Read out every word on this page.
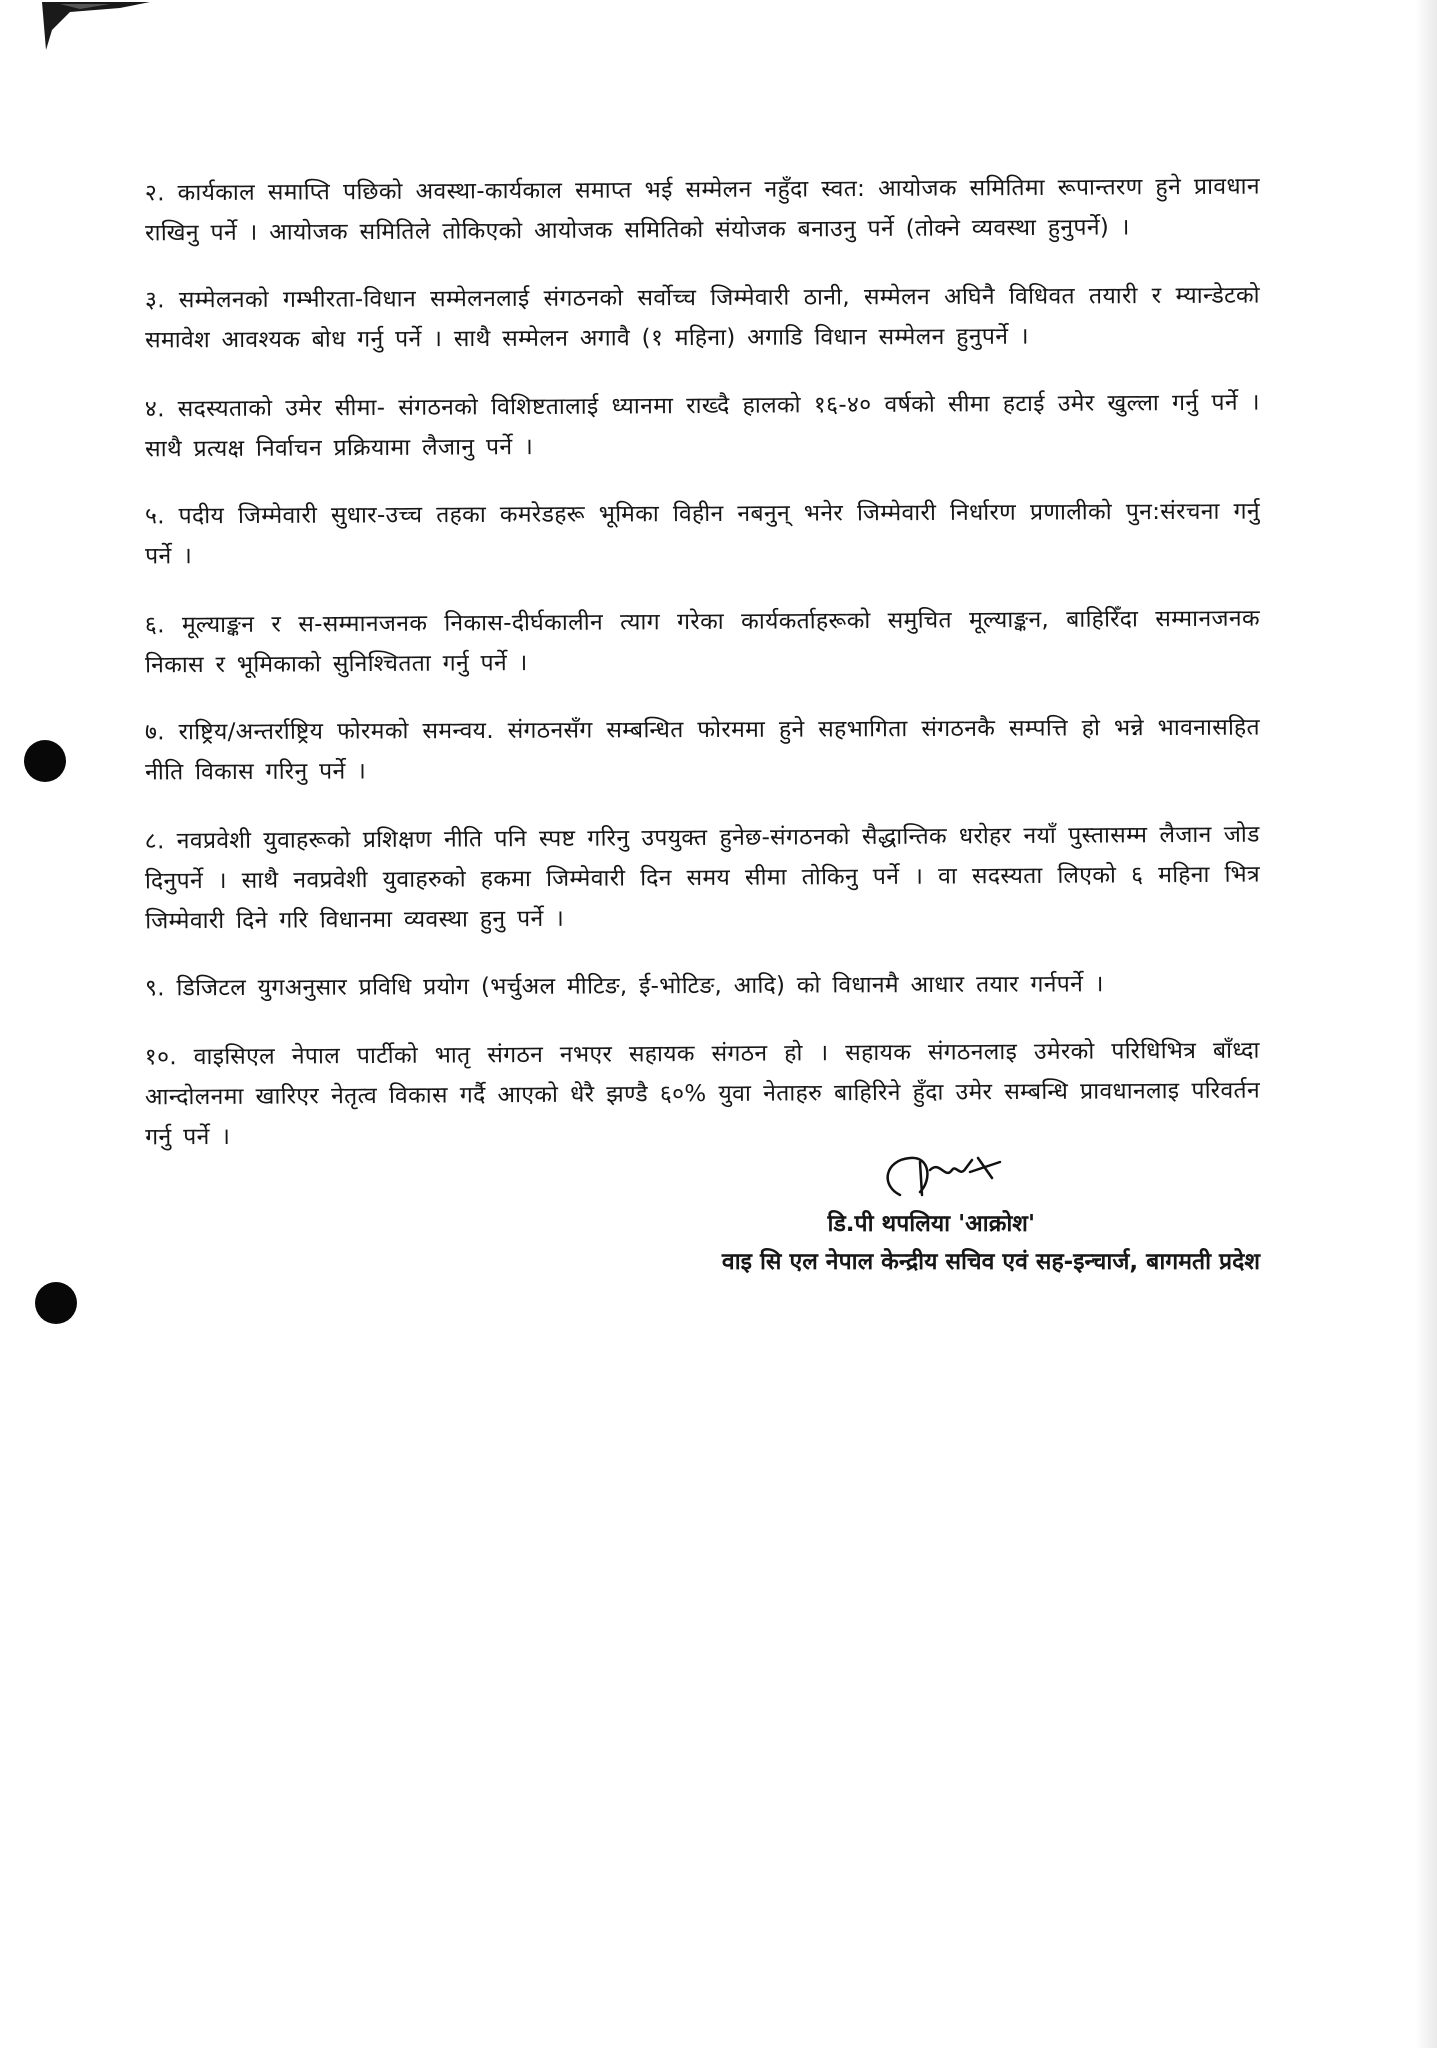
२. कार्यकाल समाप्ति पछिको अवस्था-कार्यकाल समाप्त भई सम्मेलन नहुँदा स्वत: आयोजक समितिमा रूपान्तरण हुने प्रावधान राखिनु पर्ने । आयोजक समितिले तोकिएको आयोजक समितिको संयोजक बनाउनु पर्ने (तोक्ने व्यवस्था हुनुपर्ने) ।

३. सम्मेलनको गम्भीरता-विधान सम्मेलनलाई संगठनको सर्वोच्च जिम्मेवारी ठानी, सम्मेलन अघिनै विधिवत तयारी र म्यान्डेटको समावेश आवश्यक बोध गर्नु पर्ने । साथै सम्मेलन अगावै (१ महिना) अगाडि विधान सम्मेलन हुनुपर्ने ।

४. सदस्यताको उमेर सीमा- संगठनको विशिष्टतालाई ध्यानमा राख्दै हालको १६-४० वर्षको सीमा हटाई उमेर खुल्ला गर्नु पर्ने । साथै प्रत्यक्ष निर्वाचन प्रक्रियामा लैजानु पर्ने ।

५. पदीय जिम्मेवारी सुधार-उच्च तहका कमरेडहरू भूमिका विहीन नबनुन् भनेर जिम्मेवारी निर्धारण प्रणालीको पुन:संरचना गर्नु पर्ने ।

६. मूल्याङ्कन र स-सम्मानजनक निकास-दीर्घकालीन त्याग गरेका कार्यकर्ताहरूको समुचित मूल्याङ्कन, बाहिरिँदा सम्मानजनक निकास र भूमिकाको सुनिश्चितता गर्नु पर्ने ।

७. राष्ट्रिय/अन्तर्राष्ट्रिय फोरमको समन्वय. संगठनसँग सम्बन्धित फोरममा हुने सहभागिता संगठनकै सम्पत्ति हो भन्ने भावनासहित नीति विकास गरिनु पर्ने ।

८. नवप्रवेशी युवाहरूको प्रशिक्षण नीति पनि स्पष्ट गरिनु उपयुक्त हुनेछ-संगठनको सैद्धान्तिक धरोहर नयाँ पुस्तासम्म लैजान जोड दिनुपर्ने । साथै नवप्रवेशी युवाहरुको हकमा जिम्मेवारी दिन समय सीमा तोकिनु पर्ने । वा सदस्यता लिएको ६ महिना भित्र जिम्मेवारी दिने गरि विधानमा व्यवस्था हुनु पर्ने ।

९. डिजिटल युगअनुसार प्रविधि प्रयोग (भर्चुअल मीटिङ, ई-भोटिङ, आदि) को विधानमै आधार तयार गर्नपर्ने ।

१०. वाइसिएल नेपाल पार्टीको भातृ संगठन नभएर सहायक संगठन हो । सहायक संगठनलाइ उमेरको परिधिभित्र बाँध्दा आन्दोलनमा खारिएर नेतृत्व विकास गर्दै आएको धेरै झण्डै ६०% युवा नेताहरु बाहिरिने हुँदा उमेर सम्बन्धि प्रावधानलाइ परिवर्तन गर्नु पर्ने ।

डि.पी थपलिया 'आक्रोश'
वाइ सि एल नेपाल केन्द्रीय सचिव एवं सह-इन्चार्ज, बागमती प्रदेश
